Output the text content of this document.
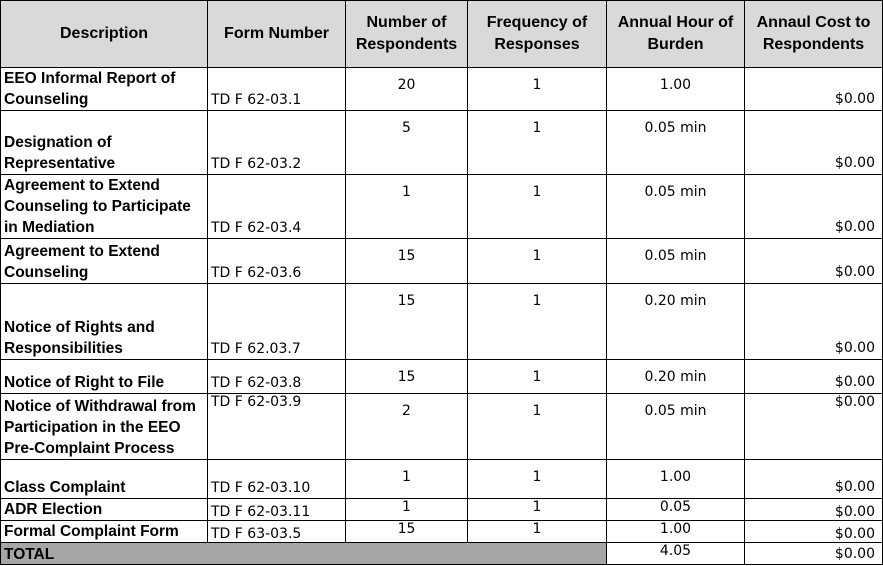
Description	Form Number	Number of Respondents	Frequency of Responses	Annual Hour of Burden	Annaul Cost to Respondents
EEO Informal Report of Counseling	TD F 62-03.1	20	1	1.00	$0.00
Designation of Representative	TD F 62-03.2	5	1	0.05 min	$0.00
Agreement to Extend Counseling to Participate in Mediation	TD F 62-03.4	1	1	0.05 min	$0.00
Agreement to Extend Counseling	TD F 62-03.6	15	1	0.05 min	$0.00
Notice of Rights and Responsibilities	TD F 62.03.7	15	1	0.20 min	$0.00
Notice of Right to File	TD F 62-03.8	15	1	0.20 min	$0.00
Notice of Withdrawal from Participation in the EEO Pre-Complaint Process	TD F 62-03.9	2	1	0.05 min	$0.00
Class Complaint	TD F 62-03.10	1	1	1.00	$0.00
ADR Election	TD F 62-03.11	1	1	0.05	$0.00
Formal Complaint Form	TD F 63-03.5	15	1	1.00	$0.00
TOTAL				4.05	$0.00
